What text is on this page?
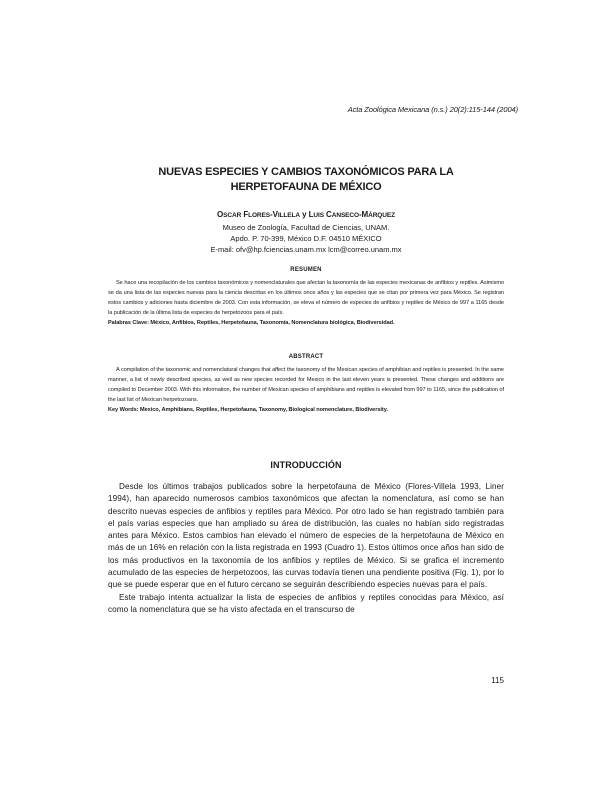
Acta Zoológica Mexicana (n.s.) 20(2):115-144 (2004)
NUEVAS ESPECIES Y CAMBIOS TAXONÓMICOS PARA LA
HERPETOFAUNA DE MÉXICO
OSCAR FLORES-VILLELA y LUIS CANSECO-MÁRQUEZ
Museo de Zoología, Facultad de Ciencias, UNAM.
Apdo. P. 70-399, México D.F. 04510 MÉXICO
E-mail: ofv@hp.fciencias.unam.mx lcm@correo.unam.mx
RESUMEN

Se hace una recopilación de los cambios taxonómicos y nomenclaturales que afectan la taxonomía de las especies mexicanas de anfibios y reptiles. Asimismo se da una lista de las especies nuevas para la ciencia descritas en los últimos once años y las especies que se citan por primera vez para México. Se registran estos cambios y adiciones hasta diciembre de 2003. Con esta información, se eleva el número de especies de anfibios y reptiles de México de 997 a 1165 desde la publicación de la última lista de especies de herpetozoos para el país.

Palabras Clave: México, Anfibios, Reptiles, Herpetofauna, Taxonomía, Nomenclatura biológica, Biodiversidad.

ABSTRACT

A compilation of the taxonomic and nomenclatural changes that affect the taxonomy of the Mexican species of amphibian and reptiles is presented. In the same manner, a list of newly described species, as well as new species recorded for Mexico in the last eleven years is presented. These changes and additions are compiled to December 2003. With this information, the number of Mexican species of amphibians and reptiles is elevated from 997 to 1165, since the publication of the last list of Mexican herpetozoans.

Key Words: Mexico, Amphibians, Reptiles, Herpetofauna, Taxonomy, Biological nomenclature, Biodiversity.

INTRODUCCIÓN

Desde los últimos trabajos publicados sobre la herpetofauna de México (Flores-Villela 1993, Liner 1994), han aparecido numerosos cambios taxonómicos que afectan la nomenclatura, así como se han descrito nuevas especies de anfibios y reptiles para México. Por otro lado se han registrado también para el país varias especies que han ampliado su área de distribución, las cuales no habían sido registradas antes para México. Estos cambios han elevado el número de especies de la herpetofauna de México en más de un 16% en relación con la lista registrada en 1993 (Cuadro 1). Estos últimos once años han sido de los más productivos en la taxonomía de los anfibios y reptiles de México. Si se grafica el incremento acumulado de las especies de herpetozoos, las curvas todavía tienen una pendiente positiva (Fig. 1), por lo que se puede esperar que en el futuro cercano se seguirán describiendo especies nuevas para el país.

Este trabajo intenta actualizar la lista de especies de anfibios y reptiles conocidas para México, así como la nomenclatura que se ha visto afectada en el transcurso de

115
